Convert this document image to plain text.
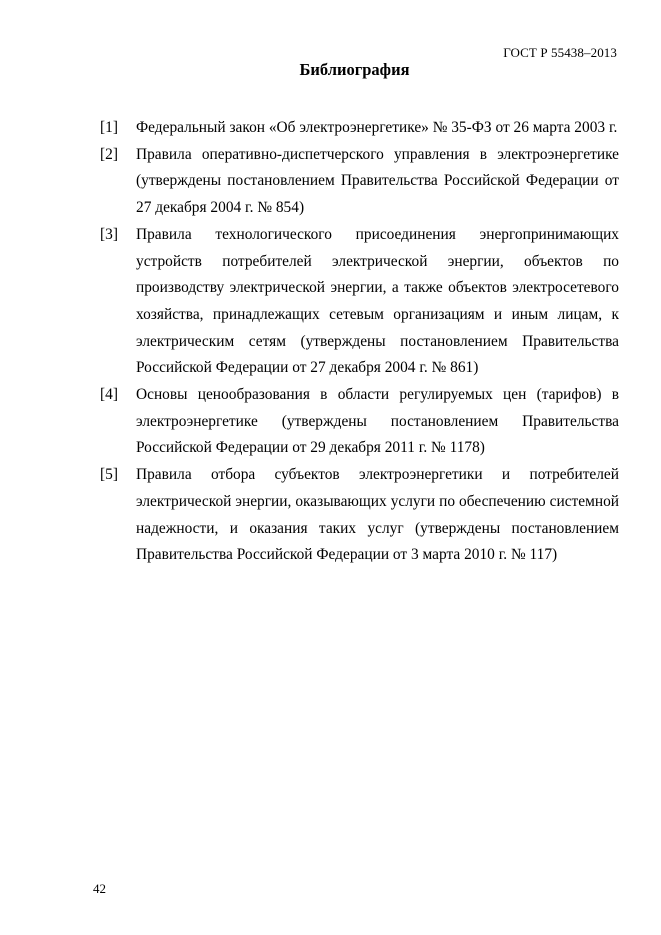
ГОСТ Р 55438–2013
Библиография
[1]	Федеральный закон «Об электроэнергетике» № 35-ФЗ от 26 марта 2003 г.
[2]	Правила оперативно-диспетчерского управления в электроэнергетике (утверждены постановлением Правительства Российской Федерации от 27 декабря 2004 г. № 854)
[3]	Правила технологического присоединения энергопринимающих устройств потребителей электрической энергии, объектов по производству электрической энергии, а также объектов электросетевого хозяйства, принадлежащих сетевым организациям и иным лицам, к электрическим сетям (утверждены постановлением Правительства Российской Федерации от 27 декабря 2004 г. № 861)
[4]	Основы ценообразования в области регулируемых цен (тарифов) в электроэнергетике (утверждены постановлением Правительства Российской Федерации от 29 декабря 2011 г. № 1178)
[5]	Правила отбора субъектов электроэнергетики и потребителей электрической энергии, оказывающих услуги по обеспечению системной надежности, и оказания таких услуг (утверждены постановлением Правительства Российской Федерации от 3 марта 2010 г. № 117)
42
